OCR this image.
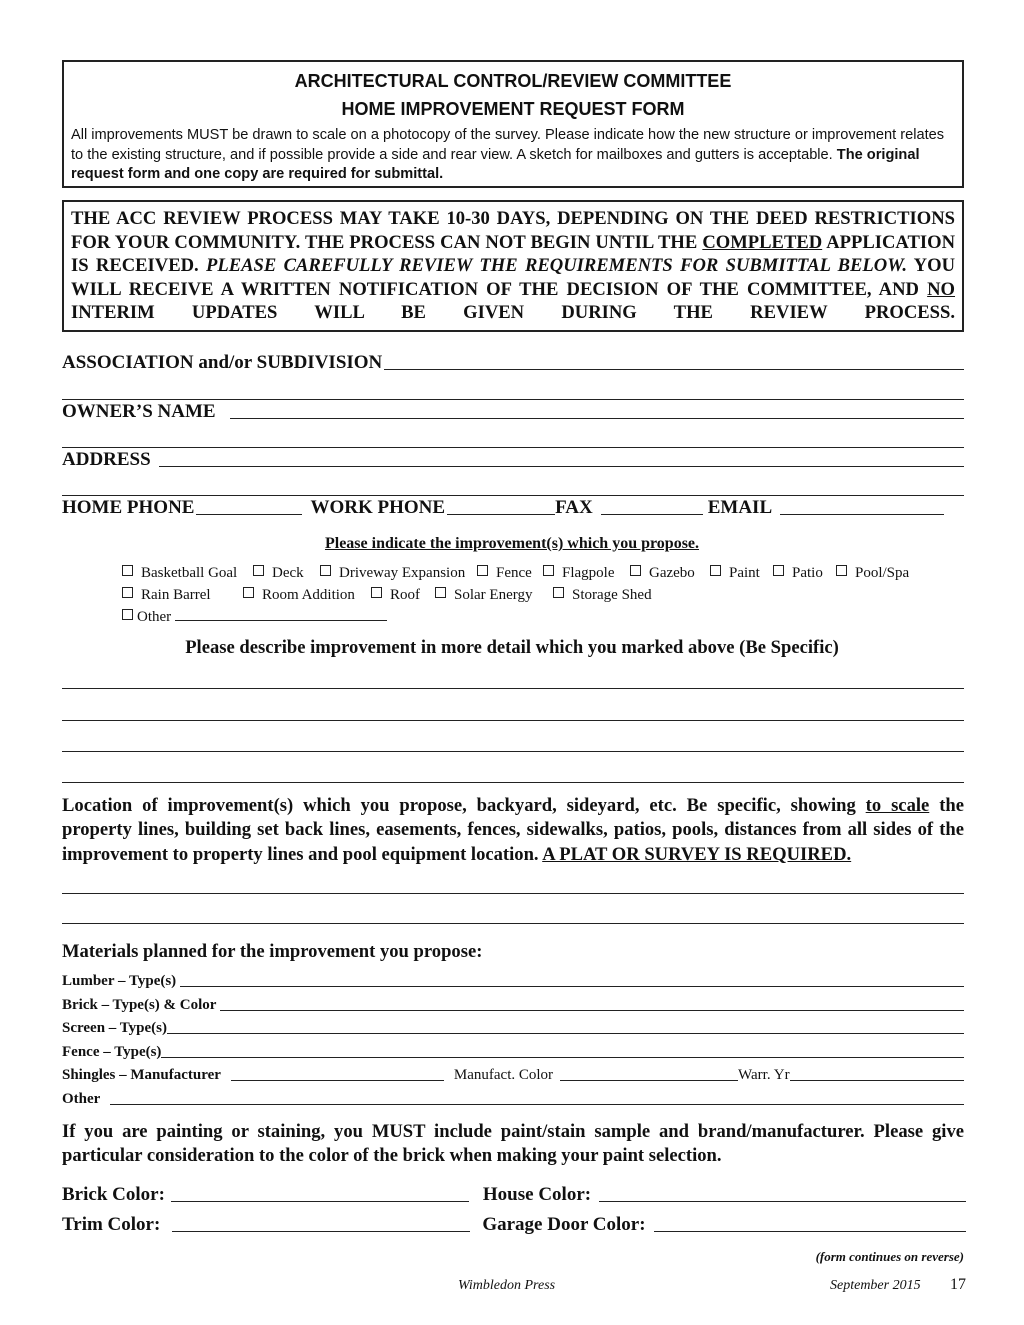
ARCHITECTURAL CONTROL/REVIEW COMMITTEE
HOME IMPROVEMENT REQUEST FORM
All improvements MUST be drawn to scale on a photocopy of the survey. Please indicate how the new structure or improvement relates to the existing structure, and if possible provide a side and rear view. A sketch for mailboxes and gutters is acceptable. The original request form and one copy are required for submittal.
THE ACC REVIEW PROCESS MAY TAKE 10-30 DAYS, DEPENDING ON THE DEED RESTRICTIONS FOR YOUR COMMUNITY. THE PROCESS CAN NOT BEGIN UNTIL THE COMPLETED APPLICATION IS RECEIVED. PLEASE CAREFULLY REVIEW THE REQUIREMENTS FOR SUBMITTAL BELOW. YOU WILL RECEIVE A WRITTEN NOTIFICATION OF THE DECISION OF THE COMMITTEE, AND NO INTERIM UPDATES WILL BE GIVEN DURING THE REVIEW PROCESS.
ASSOCIATION and/or SUBDIVISION
OWNER’S NAME
ADDRESS
HOME PHONE	WORK PHONE	FAX	EMAIL
Please indicate the improvement(s) which you propose.
Basketball Goal	Deck	Driveway Expansion	Fence	Flagpole	Gazebo	Paint	Patio	Pool/Spa
Rain Barrel	Room Addition	Roof	Solar Energy	Storage Shed
Other
Please describe improvement in more detail which you marked above (Be Specific)
Location of improvement(s) which you propose, backyard, sideyard, etc. Be specific, showing to scale the property lines, building set back lines, easements, fences, sidewalks, patios, pools, distances from all sides of the improvement to property lines and pool equipment location. A PLAT OR SURVEY IS REQUIRED.
Materials planned for the improvement you propose:
Lumber – Type(s)
Brick – Type(s) & Color
Screen – Type(s)
Fence – Type(s)
Shingles – Manufacturer	Manufact. Color	Warr. Yr
Other
If you are painting or staining, you MUST include paint/stain sample and brand/manufacturer. Please give particular consideration to the color of the brick when making your paint selection.
Brick Color:	House Color:
Trim Color:	Garage Door Color:
(form continues on reverse)
Wimbledon Press	September 2015 17
